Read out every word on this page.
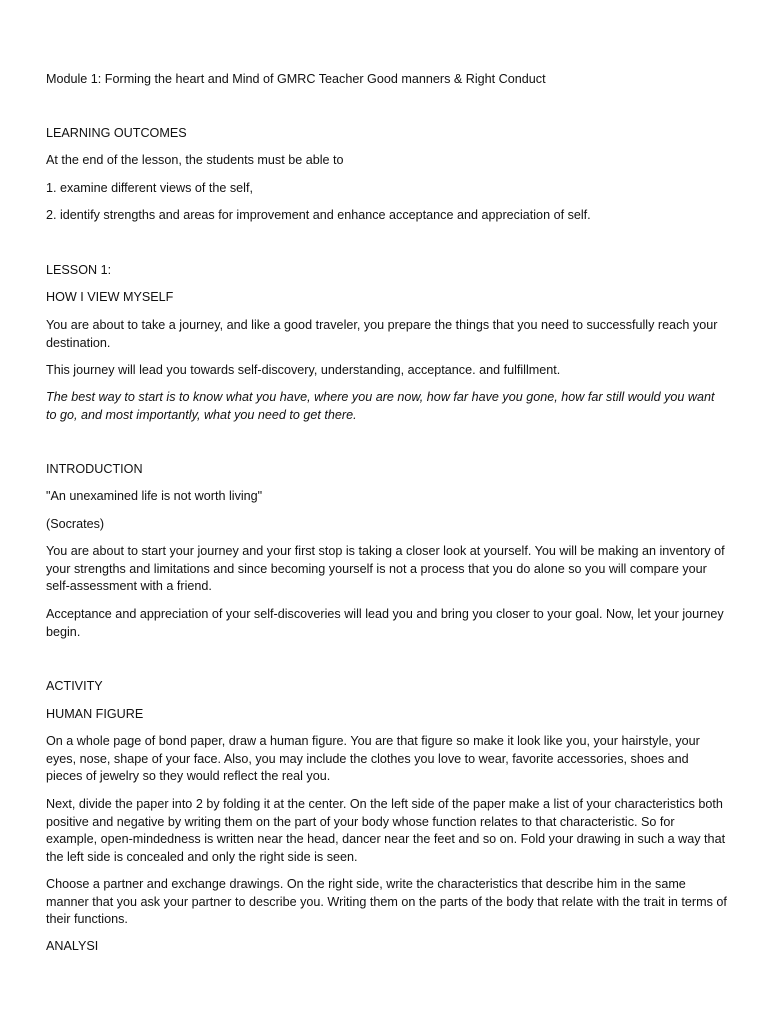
Module 1: Forming the heart and Mind of GMRC Teacher Good manners & Right Conduct

LEARNING OUTCOMES

At the end of the lesson, the students must be able to

1. examine different views of the self,

2. identify strengths and areas for improvement and enhance acceptance and appreciation of self.

LESSON 1:

HOW I VIEW MYSELF

You are about to take a journey, and like a good traveler, you prepare the things that you need to successfully reach your destination.

This journey will lead you towards self-discovery, understanding, acceptance. and fulfillment.

The best way to start is to know what you have, where you are now, how far have you gone, how far still would you want to go, and most importantly, what you need to get there.

INTRODUCTION

"An unexamined life is not worth living"

(Socrates)

You are about to start your journey and your first stop is taking a closer look at yourself. You will be making an inventory of your strengths and limitations and since becoming yourself is not a process that you do alone so you will compare your self-assessment with a friend.

Acceptance and appreciation of your self-discoveries will lead you and bring you closer to your goal. Now, let your journey begin.

ACTIVITY

HUMAN FIGURE

On a whole page of bond paper, draw a human figure. You are that figure so make it look like you, your hairstyle, your eyes, nose, shape of your face. Also, you may include the clothes you love to wear, favorite accessories, shoes and pieces of jewelry so they would reflect the real you.

Next, divide the paper into 2 by folding it at the center. On the left side of the paper make a list of your characteristics both positive and negative by writing them on the part of your body whose function relates to that characteristic. So for example, open-mindedness is written near the head, dancer near the feet and so on. Fold your drawing in such a way that the left side is concealed and only the right side is seen.

Choose a partner and exchange drawings. On the right side, write the characteristics that describe him in the same manner that you ask your partner to describe you. Writing them on the parts of the body that relate with the trait in terms of their functions.

ANALYSI
